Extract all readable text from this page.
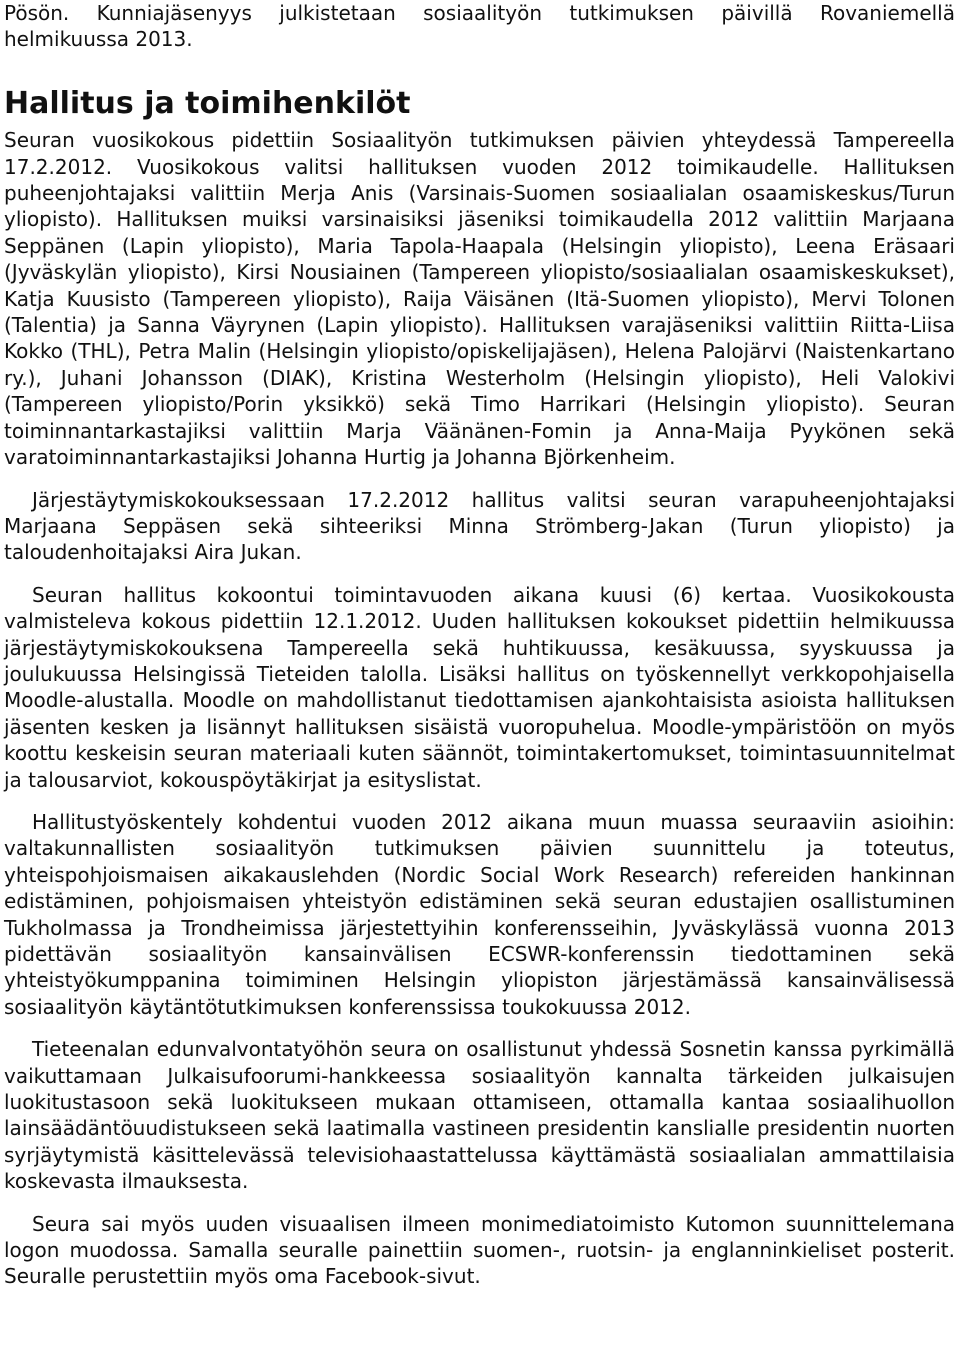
Pösön. Kunniajäsenyys julkistetaan sosiaalityön tutkimuksen päivillä Rovaniemellä helmikuussa 2013.

Hallitus ja toimihenkilöt

Seuran vuosikokous pidettiin Sosiaalityön tutkimuksen päivien yhteydessä Tampereella 17.2.2012. Vuosikokous valitsi hallituksen vuoden 2012 toimikaudelle. Hallituksen puheenjohtajaksi valittiin Merja Anis (Varsinais-Suomen sosiaalialan osaamiskeskus/Turun yliopisto). Hallituksen muiksi varsinaisiksi jäseniksi toimikaudella 2012 valittiin Marjaana Seppänen (Lapin yliopisto), Maria Tapola-Haapala (Helsingin yliopisto), Leena Eräsaari (Jyväskylän yliopisto), Kirsi Nousiainen (Tampereen yliopisto/sosiaalialan osaamiskeskukset), Katja Kuusisto (Tampereen yliopisto), Raija Väisänen (Itä-Suomen yliopisto), Mervi Tolonen (Talentia) ja Sanna Väyrynen (Lapin yliopisto). Hallituksen varajäseniksi valittiin Riitta-Liisa Kokko (THL), Petra Malin (Helsingin yliopisto/opiskelijajäsen), Helena Palojärvi (Naistenkartano ry.), Juhani Johansson (DIAK), Kristina Westerholm (Helsingin yliopisto), Heli Valokivi (Tampereen yliopisto/Porin yksikkö) sekä Timo Harrikari (Helsingin yliopisto). Seuran toiminnantarkastajiksi valittiin Marja Väänänen-Fomin ja Anna-Maija Pyykönen sekä varatoiminnantarkastajiksi Johanna Hurtig ja Johanna Björkenheim.

Järjestäytymiskokouksessaan 17.2.2012 hallitus valitsi seuran varapuheenjohtajaksi Marjaana Seppäsen sekä sihteeriksi Minna Strömberg-Jakan (Turun yliopisto) ja taloudenhoitajaksi Aira Jukan.

Seuran hallitus kokoontui toimintavuoden aikana kuusi (6) kertaa. Vuosikokousta valmisteleva kokous pidettiin 12.1.2012. Uuden hallituksen kokoukset pidettiin helmikuussa järjestäytymiskokouksena Tampereella sekä huhtikuussa, kesäkuussa, syyskuussa ja joulukuussa Helsingissä Tieteiden talolla. Lisäksi hallitus on työskennellyt verkkopohjaisella Moodle-alustalla. Moodle on mahdollistanut tiedottamisen ajankohtaisista asioista hallituksen jäsenten kesken ja lisännyt hallituksen sisäistä vuoropuhelua. Moodle-ympäristöön on myös koottu keskeisin seuran materiaali kuten säännöt, toimintakertomukset, toimintasuunnitelmat ja talousarviot, kokouspöytäkirjat ja esityslistat.

Hallitustyöskentely kohdentui vuoden 2012 aikana muun muassa seuraaviin asioihin: valtakunnallisten sosiaalityön tutkimuksen päivien suunnittelu ja toteutus, yhteispohjoismaisen aikakauslehden (Nordic Social Work Research) refereiden hankinnan edistäminen, pohjoismaisen yhteistyön edistäminen sekä seuran edustajien osallistuminen Tukholmassa ja Trondheimissa järjestettyihin konferensseihin, Jyväskylässä vuonna 2013 pidettävän sosiaalityön kansainvälisen ECSWR-konferenssin tiedottaminen sekä yhteistyökumppanina toimiminen Helsingin yliopiston järjestämässä kansainvälisessä sosiaalityön käytäntötutkimuksen konferenssissa toukokuussa 2012.

Tieteenalan edunvalvontatyöhön seura on osallistunut yhdessä Sosnetin kanssa pyrkimällä vaikuttamaan Julkaisufoorumi-hankkeessa sosiaalityön kannalta tärkeiden julkaisujen luokitustasoon sekä luokitukseen mukaan ottamiseen, ottamalla kantaa sosiaalihuollon lainsäädäntöuudistukseen sekä laatimalla vastineen presidentin kanslialle presidentin nuorten syrjäytymistä käsittelevässä televisiohaastattelussa käyttämästä sosiaalialan ammattilaisia koskevasta ilmauksesta.

Seura sai myös uuden visuaalisen ilmeen monimediatoimisto Kutomon suunnittelemana logon muodossa. Samalla seuralle painettiin suomen-, ruotsin- ja englanninkieliset posterit. Seuralle perustettiin myös oma Facebook-sivut.
